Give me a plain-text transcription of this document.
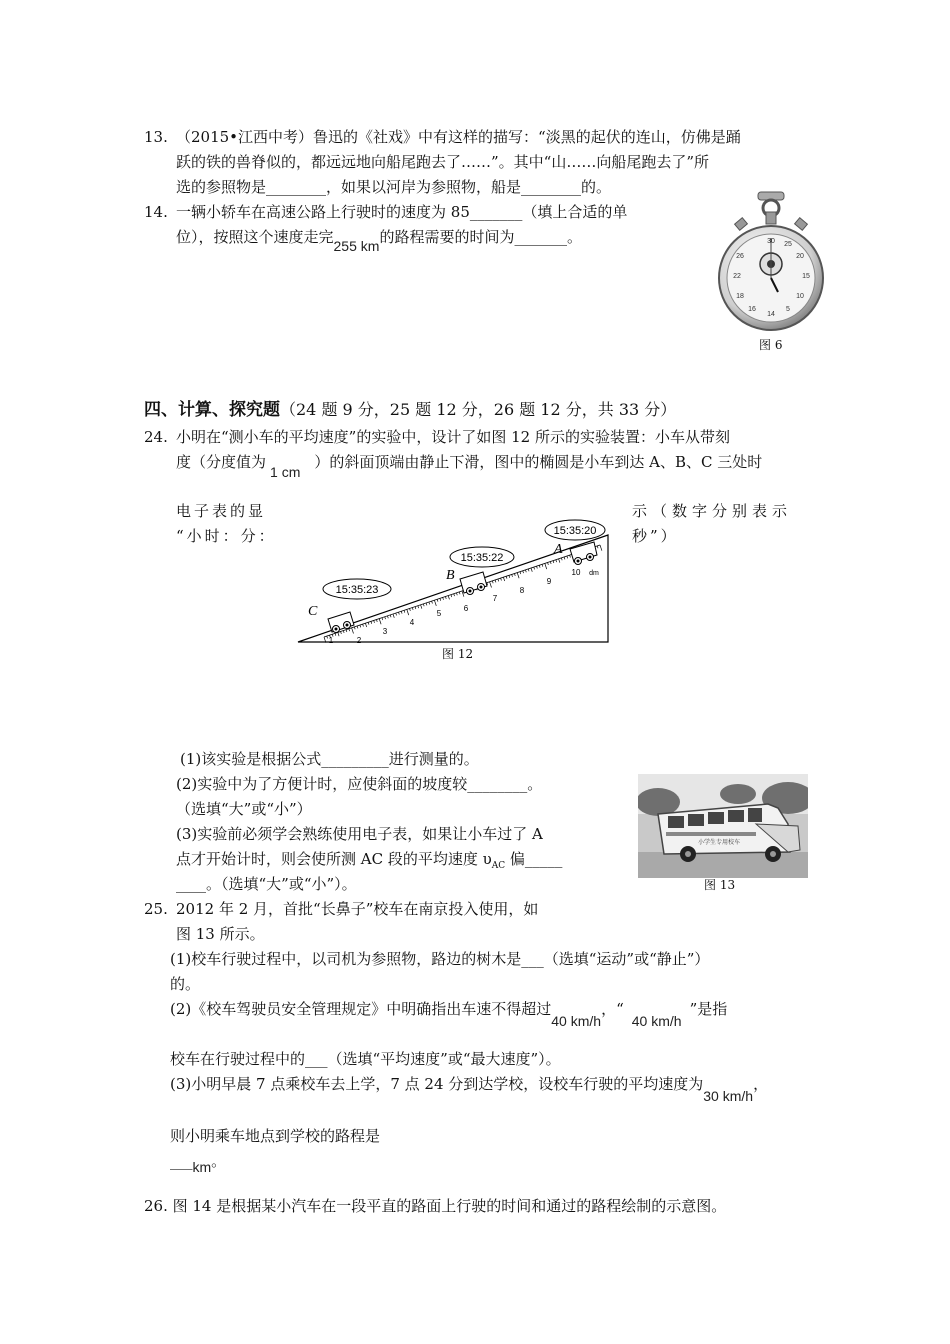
13. （2015•江西中考）鲁迅的《社戏》中有这样的描写：“淡黑的起伏的连山，仿佛是踊
跃的铁的兽脊似的，都远远地向船尾跑去了……”。其中“山……向船尾跑去了”所
选的参照物是________，如果以河岸为参照物，船是________的。
14. 一辆小轿车在高速公路上行驶时的速度为 85_______（填上合适的单
位），按照这个速度走完255 km的路程需要的时间为_______。	30 25
20
15
10
5
26
22
18
16
14
图 6
四、计算、探究题（24 题 9 分，25 题 12 分，26 题 12 分，共 33 分）
24. 小明在“测小车的平均速度”的实验中，设计了如图 12 所示的实验装置：小车从带刻
度（分度值为1 cm）的斜面顶端由静止下滑，图中的椭圆是小车到达 A、B、C 三处时
电子表的显
“小时：分：
示（数字分别表示
秒”）
1	2
3
4
5
6
7
8
9
10 dm
15:35:23
15:35:22
15:35:20
C
B
A
图 12
(1)该实验是根据公式_________进行测量的。
(2)实验中为了方便计时，应使斜面的坡度较________。
（选填“大”或“小”）
(3)实验前必须学会熟练使用电子表，如果让小车过了 A
点才开始计时，则会使所测 AC 段的平均速度 $\upsilon_{AC}$ 偏_____
____。（选填“大”或“小”）。
小学生专用校车
图 13
25. 2012 年 2 月，首批“长鼻子”校车在南京投入使用，如
图 13 所示。
(1)校车行驶过程中，以司机为参照物，路边的树木是___（选填“运动”或“静止”）
的。
(2)《校车驾驶员安全管理规定》中明确指出车速不得超过40 km/h，“40 km/h”是指
校车在行驶过程中的___（选填“平均速度”或“最大速度”）。
(3)小明早晨 7 点乘校车去上学，7 点 24 分到达学校，设校车行驶的平均速度为30 km/h，
则小明乘车地点到学校的路程是
___km。
26. 图 14 是根据某小汽车在一段平直的路面上行驶的时间和通过的路程绘制的示意图。
